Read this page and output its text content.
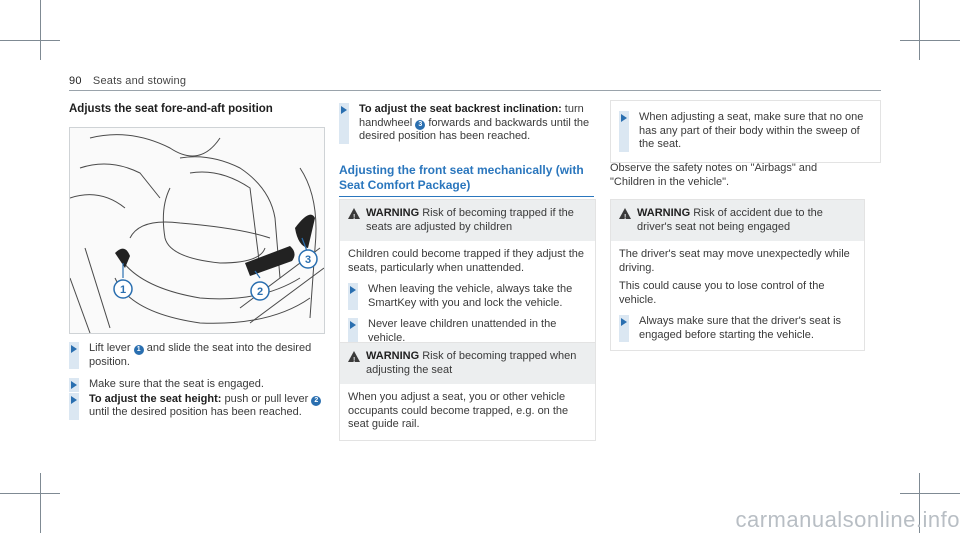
90 Seats and stowing
Adjusts the seat fore-and-aft position
1	2
3

Lift lever 1 and slide the seat into the desired position.

Make sure that the seat is engaged.

To adjust the seat height: push or pull lever 2 until the desired position has been reached.

To adjust the seat backrest inclination: turn handwheel 3 forwards and backwards until the desired position has been reached.

Adjusting the front seat mechanically (with Seat Comfort Package)
! WARNING Risk of becoming trapped if the seats are adjusted by children
Children could become trapped if they adjust the seats, particularly when unattended.

When leaving the vehicle, always take the SmartKey with you and lock the vehicle.

Never leave children unattended in the vehicle.

! WARNING Risk of becoming trapped when adjusting the seat
When you adjust a seat, you or other vehicle occupants could become trapped, e.g. on the seat guide rail.

When adjusting a seat, make sure that no one has any part of their body within the sweep of the seat.

Observe the safety notes on "Airbags" and "Children in the vehicle".
! WARNING Risk of accident due to the driver's seat not being engaged
The driver's seat may move unexpectedly while driving.
This could cause you to lose control of the vehicle.

Always make sure that the driver's seat is engaged before starting the vehicle.

carmanualsonline.info
